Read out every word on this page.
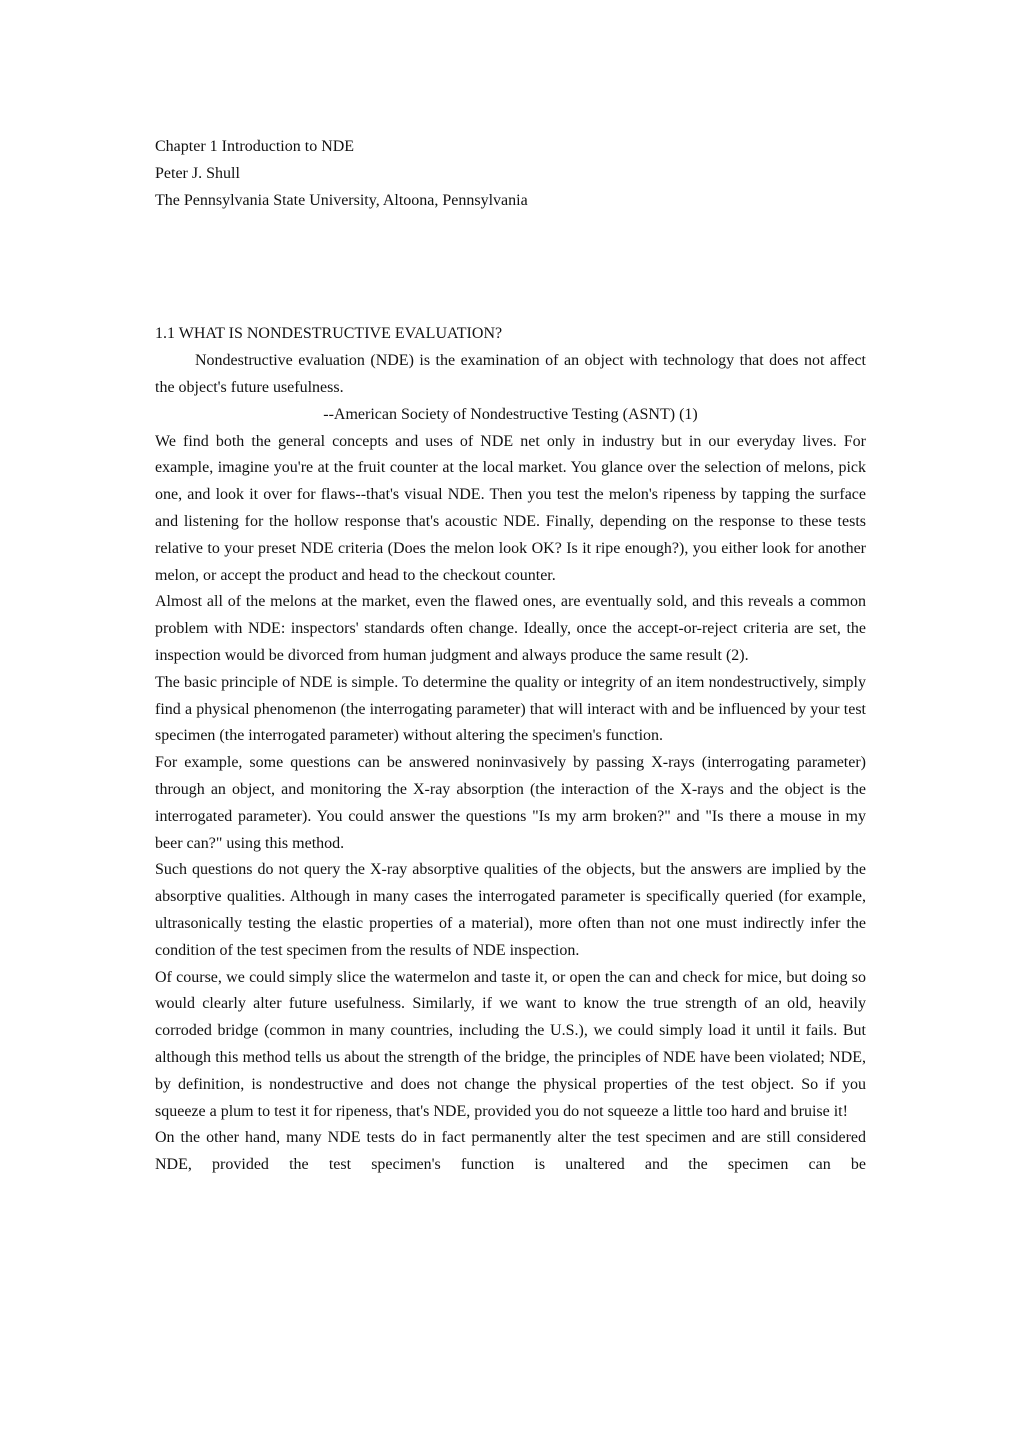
Chapter 1 Introduction to NDE
Peter J. Shull
The Pennsylvania State University, Altoona, Pennsylvania

1.1 WHAT IS NONDESTRUCTIVE EVALUATION?

Nondestructive evaluation (NDE) is the examination of an object with technology that does not affect the object's future usefulness.

--American Society of Nondestructive Testing (ASNT) (1)

We find both the general concepts and uses of NDE net only in industry but in our everyday lives. For example, imagine you're at the fruit counter at the local market. You glance over the selection of melons, pick one, and look it over for flaws--that's visual NDE. Then you test the melon's ripeness by tapping the surface and listening for the hollow response that's acoustic NDE. Finally, depending on the response to these tests relative to your preset NDE criteria (Does the melon look OK? Is it ripe enough?), you either look for another melon, or accept the product and head to the checkout counter.

Almost all of the melons at the market, even the flawed ones, are eventually sold, and this reveals a common problem with NDE: inspectors' standards often change. Ideally, once the accept-or-reject criteria are set, the inspection would be divorced from human judgment and always produce the same result (2).

The basic principle of NDE is simple. To determine the quality or integrity of an item nondestructively, simply find a physical phenomenon (the interrogating parameter) that will interact with and be influenced by your test specimen (the interrogated parameter) without altering the specimen's function.

For example, some questions can be answered noninvasively by passing X-rays (interrogating parameter) through an object, and monitoring the X-ray absorption (the interaction of the X-rays and the object is the interrogated parameter). You could answer the questions "Is my arm broken?" and "Is there a mouse in my beer can?" using this method.

Such questions do not query the X-ray absorptive qualities of the objects, but the answers are implied by the absorptive qualities. Although in many cases the interrogated parameter is specifically queried (for example, ultrasonically testing the elastic properties of a material), more often than not one must indirectly infer the condition of the test specimen from the results of NDE inspection.

Of course, we could simply slice the watermelon and taste it, or open the can and check for mice, but doing so would clearly alter future usefulness. Similarly, if we want to know the true strength of an old, heavily corroded bridge (common in many countries, including the U.S.), we could simply load it until it fails. But although this method tells us about the strength of the bridge, the principles of NDE have been violated; NDE, by definition, is nondestructive and does not change the physical properties of the test object. So if you squeeze a plum to test it for ripeness, that's NDE, provided you do not squeeze a little too hard and bruise it!

On the other hand, many NDE tests do in fact permanently alter the test specimen and are still considered NDE, provided the test specimen's function is unaltered and the specimen can be
